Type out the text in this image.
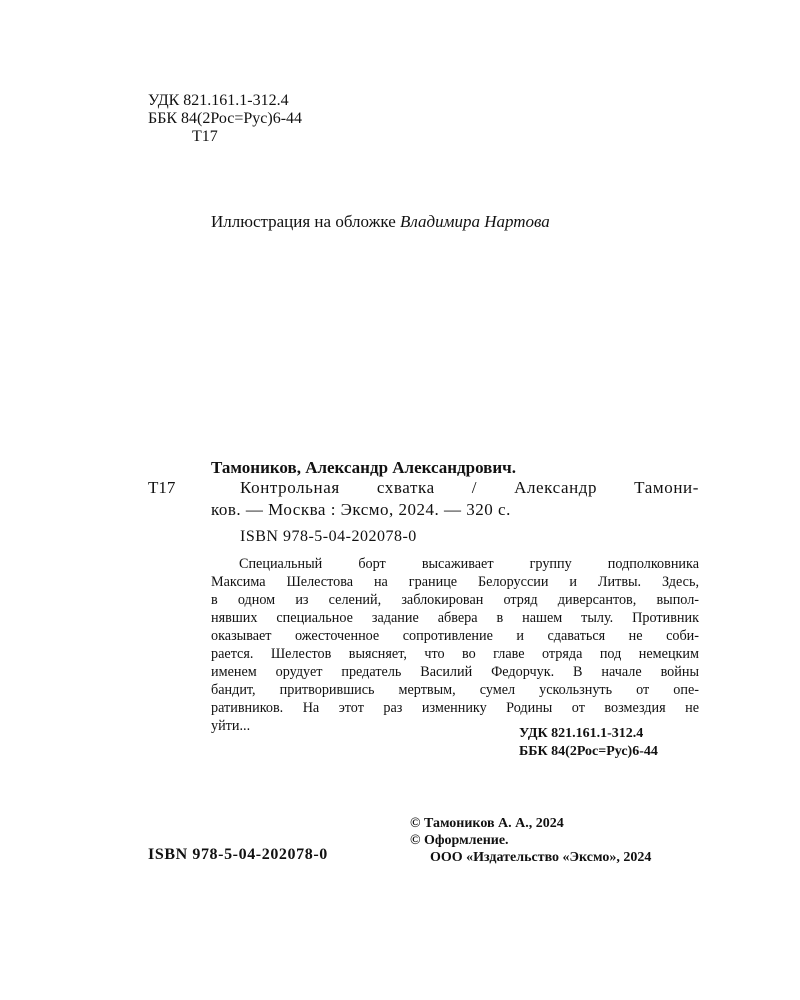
УДК 821.161.1-312.4
ББК 84(2Рос=Рус)6-44
Т17
Иллюстрация на обложке Владимира Нартова
Тамоников, Александр Александрович.
Т17	Контрольная схватка / Александр Тамони-
ков. — Москва : Эксмо, 2024. — 320 с.
ISBN 978-5-04-202078-0
Специальный борт высаживает группу подполковника
Максима Шелестова на границе Белоруссии и Литвы. Здесь,
в одном из селений, заблокирован отряд диверсантов, выпол-
нявших специальное задание абвера в нашем тылу. Противник
оказывает ожесточенное сопротивление и сдаваться не соби-
рается. Шелестов выясняет, что во главе отряда под немецким
именем орудует предатель Василий Федорчук. В начале войны
бандит, притворившись мертвым, сумел ускользнуть от опе-
ративников. На этот раз изменнику Родины от возмездия не
уйти...	УДК 821.161.1-312.4
ББК 84(2Рос=Рус)6-44
© Тамоников А. А., 2024
© Оформление.
ООО «Издательство «Эксмо», 2024
ISBN 978-5-04-202078-0
